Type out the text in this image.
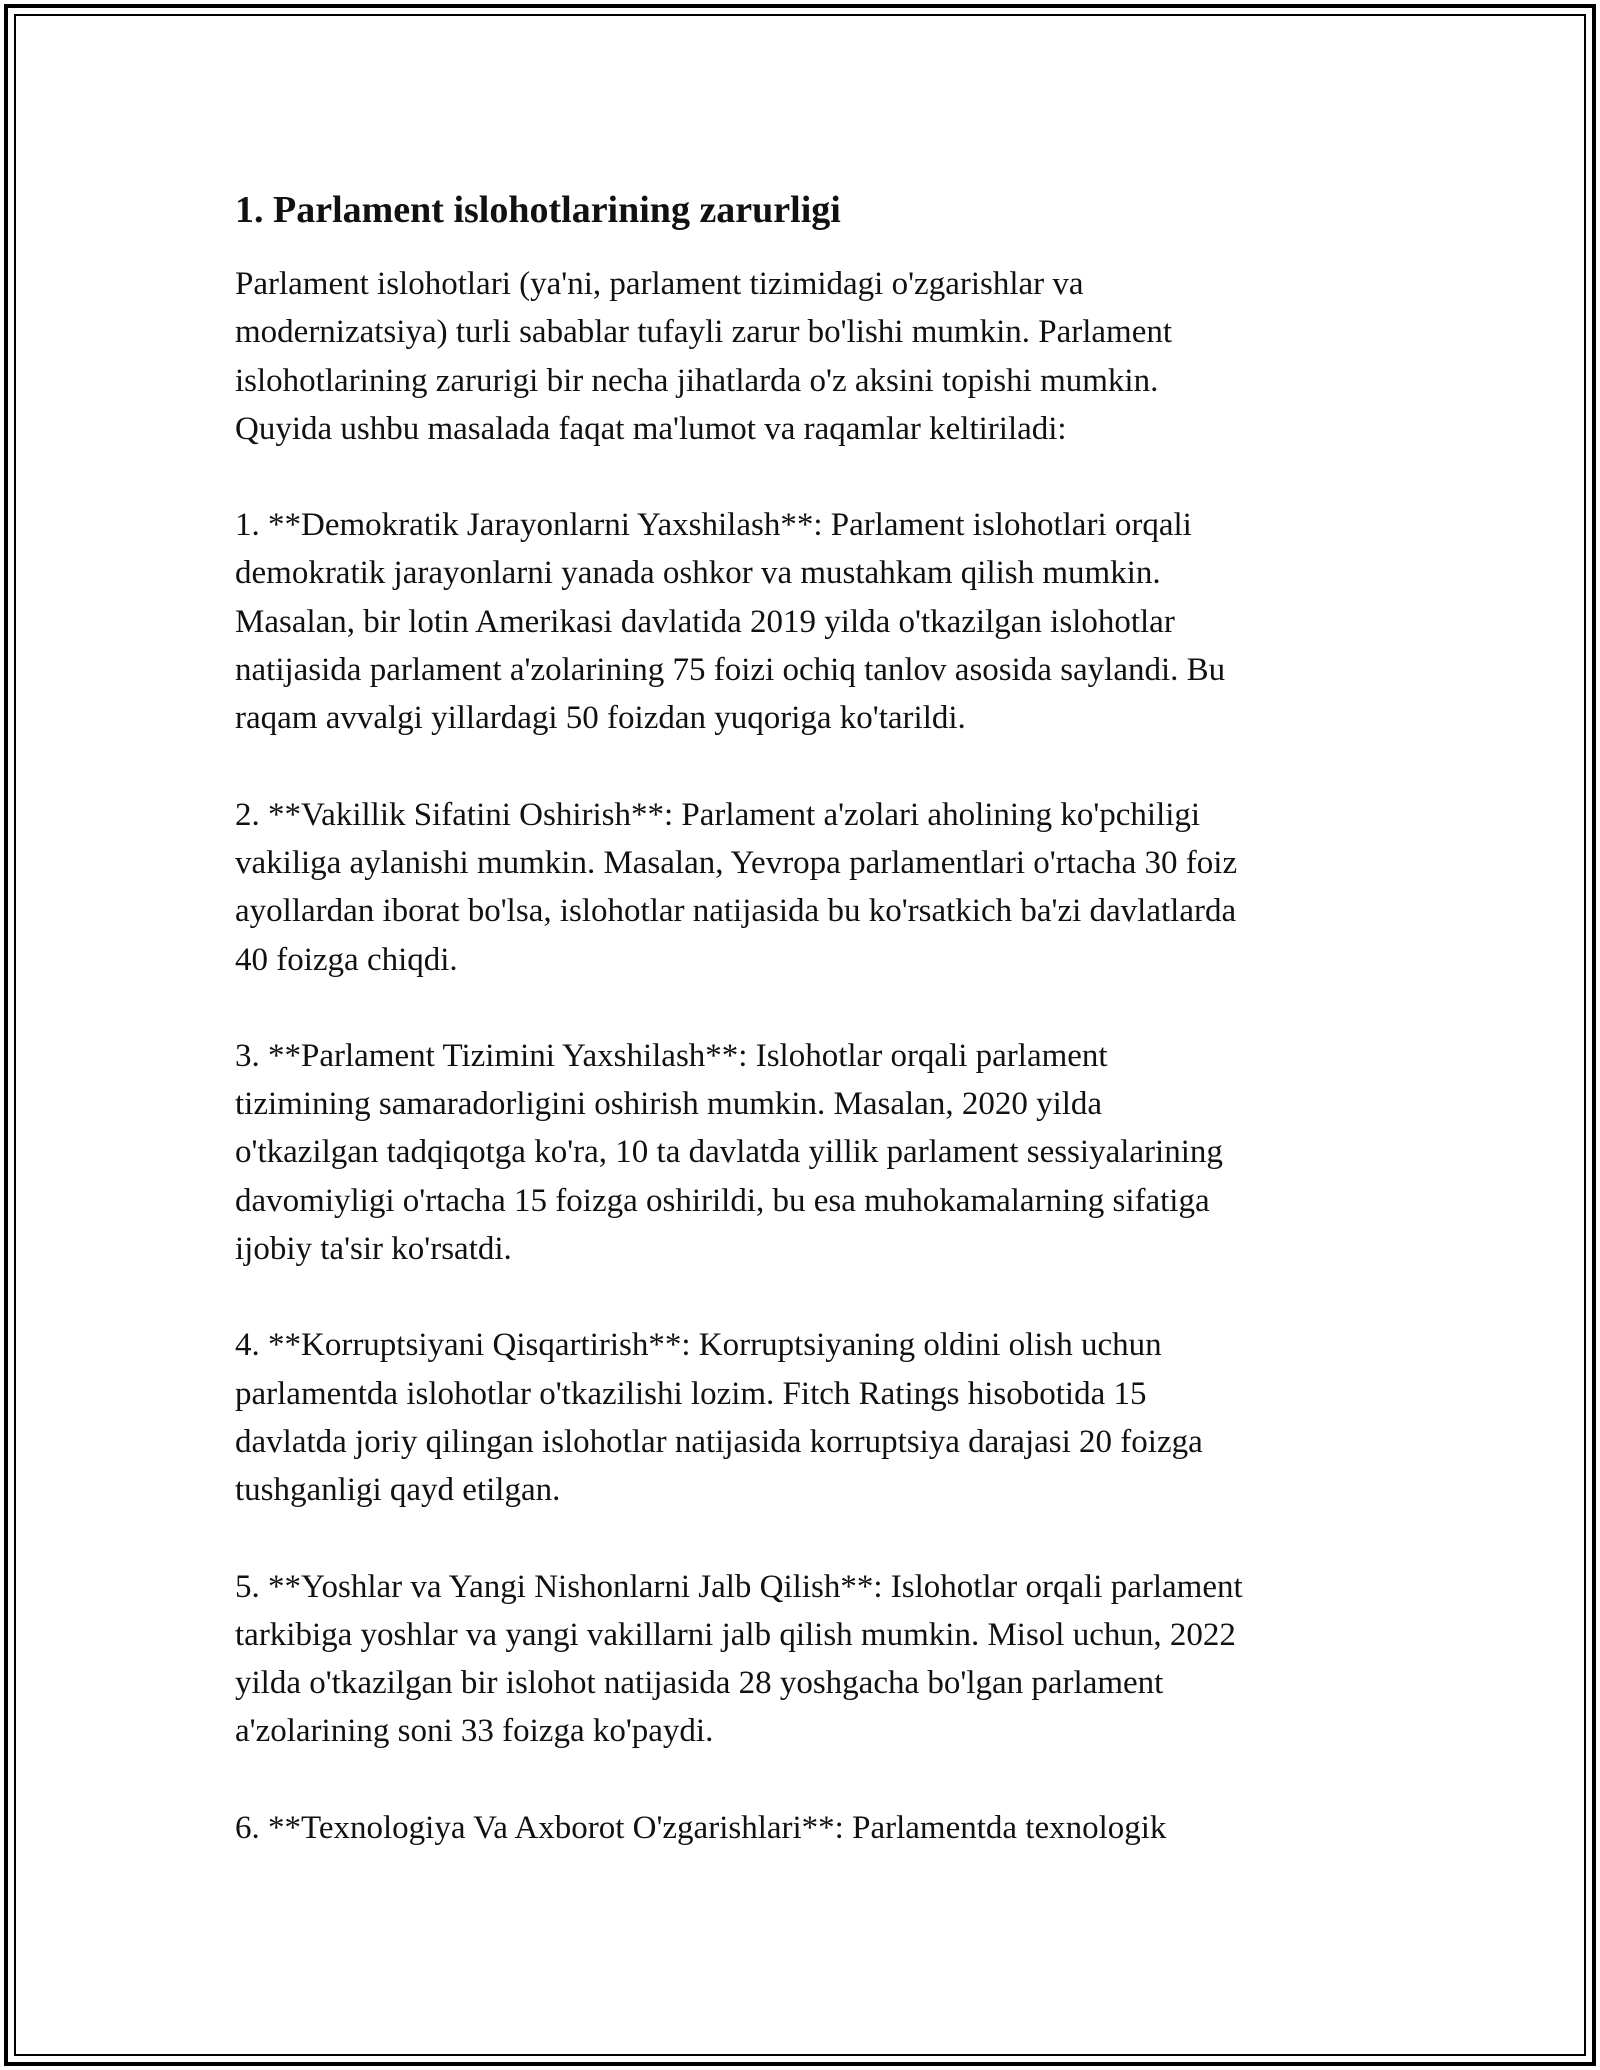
1. Parlament islohotlarining zarurligi

Parlament islohotlari (ya'ni, parlament tizimidagi o'zgarishlar va
modernizatsiya) turli sabablar tufayli zarur bo'lishi mumkin. Parlament
islohotlarining zarurigi bir necha jihatlarda o'z aksini topishi mumkin.
Quyida ushbu masalada faqat ma'lumot va raqamlar keltiriladi:

1. **Demokratik Jarayonlarni Yaxshilash**: Parlament islohotlari orqali
demokratik jarayonlarni yanada oshkor va mustahkam qilish mumkin.
Masalan, bir lotin Amerikasi davlatida 2019 yilda o'tkazilgan islohotlar
natijasida parlament a'zolarining 75 foizi ochiq tanlov asosida saylandi. Bu
raqam avvalgi yillardagi 50 foizdan yuqoriga ko'tarildi.

2. **Vakillik Sifatini Oshirish**: Parlament a'zolari aholining ko'pchiligi
vakiliga aylanishi mumkin. Masalan, Yevropa parlamentlari o'rtacha 30 foiz
ayollardan iborat bo'lsa, islohotlar natijasida bu ko'rsatkich ba'zi davlatlarda
40 foizga chiqdi.

3. **Parlament Tizimini Yaxshilash**: Islohotlar orqali parlament
tizimining samaradorligini oshirish mumkin. Masalan, 2020 yilda
o'tkazilgan tadqiqotga ko'ra, 10 ta davlatda yillik parlament sessiyalarining
davomiyligi o'rtacha 15 foizga oshirildi, bu esa muhokamalarning sifatiga
ijobiy ta'sir ko'rsatdi.

4. **Korruptsiyani Qisqartirish**: Korruptsiyaning oldini olish uchun
parlamentda islohotlar o'tkazilishi lozim. Fitch Ratings hisobotida 15
davlatda joriy qilingan islohotlar natijasida korruptsiya darajasi 20 foizga
tushganligi qayd etilgan.

5. **Yoshlar va Yangi Nishonlarni Jalb Qilish**: Islohotlar orqali parlament
tarkibiga yoshlar va yangi vakillarni jalb qilish mumkin. Misol uchun, 2022
yilda o'tkazilgan bir islohot natijasida 28 yoshgacha bo'lgan parlament
a'zolarining soni 33 foizga ko'paydi.

6. **Texnologiya Va Axborot O'zgarishlari**: Parlamentda texnologik
